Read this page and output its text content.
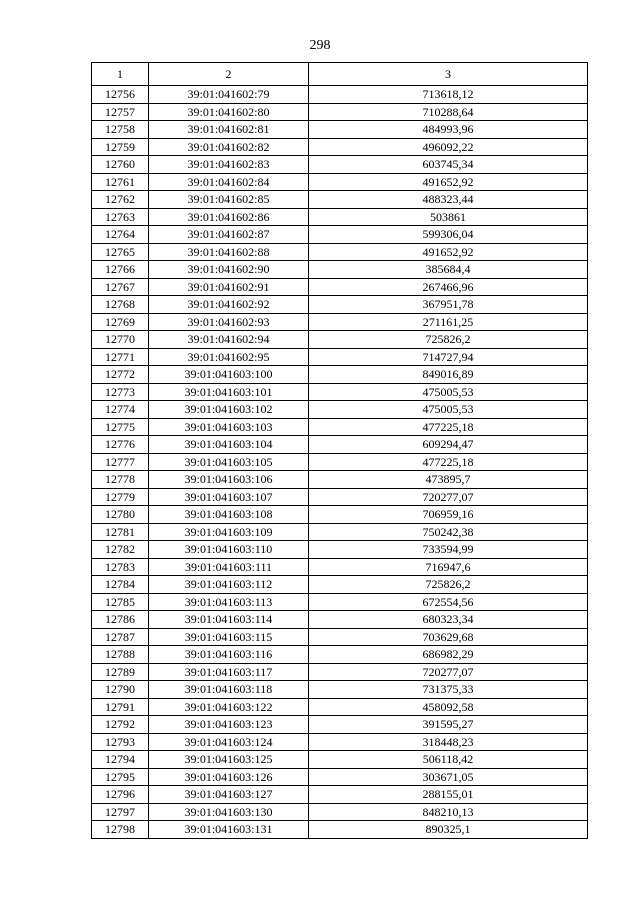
298
1	2	3
12756	39:01:041602:79	713618,12
12757	39:01:041602:80	710288,64
12758	39:01:041602:81	484993,96
12759	39:01:041602:82	496092,22
12760	39:01:041602:83	603745,34
12761	39:01:041602:84	491652,92
12762	39:01:041602:85	488323,44
12763	39:01:041602:86	503861
12764	39:01:041602:87	599306,04
12765	39:01:041602:88	491652,92
12766	39:01:041602:90	385684,4
12767	39:01:041602:91	267466,96
12768	39:01:041602:92	367951,78
12769	39:01:041602:93	271161,25
12770	39:01:041602:94	725826,2
12771	39:01:041602:95	714727,94
12772	39:01:041603:100	849016,89
12773	39:01:041603:101	475005,53
12774	39:01:041603:102	475005,53
12775	39:01:041603:103	477225,18
12776	39:01:041603:104	609294,47
12777	39:01:041603:105	477225,18
12778	39:01:041603:106	473895,7
12779	39:01:041603:107	720277,07
12780	39:01:041603:108	706959,16
12781	39:01:041603:109	750242,38
12782	39:01:041603:110	733594,99
12783	39:01:041603:111	716947,6
12784	39:01:041603:112	725826,2
12785	39:01:041603:113	672554,56
12786	39:01:041603:114	680323,34
12787	39:01:041603:115	703629,68
12788	39:01:041603:116	686982,29
12789	39:01:041603:117	720277,07
12790	39:01:041603:118	731375,33
12791	39:01:041603:122	458092,58
12792	39:01:041603:123	391595,27
12793	39:01:041603:124	318448,23
12794	39:01:041603:125	506118,42
12795	39:01:041603:126	303671,05
12796	39:01:041603:127	288155,01
12797	39:01:041603:130	848210,13
12798	39:01:041603:131	890325,1
